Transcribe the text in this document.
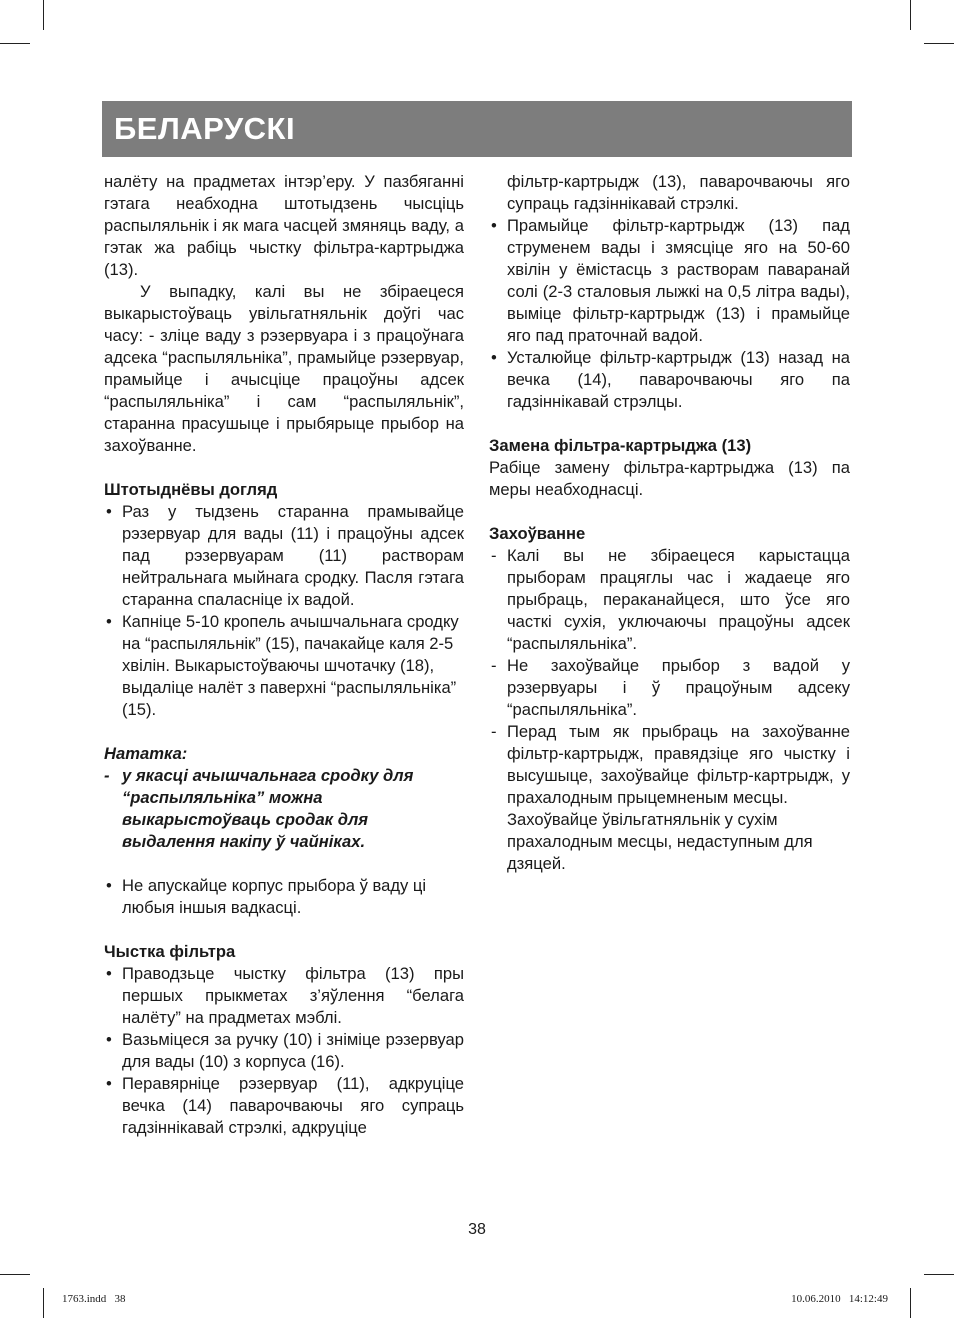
БЕЛАРУСКІ

налёту на прадметах інтэр’еру. У пазбяганні гэтага неабходна штотыдзень чысціць распыляльнік і як мага часцей змяняць ваду, а гэтак жа рабіць чыстку фільтра-картрыджа (13).

У выпадку, калі вы не збіраецеся выкарыстоўваць увільгатняльнік доўгі час часу: - зліце ваду з рэзервуара і з працоўнага адсека “распыляльніка”, прамыйце рэзервуар, прамыйце і ачысціце працоўны адсек “распыляльніка” і сам “распыляльнік”, старанна прасушыце і прыбярыце прыбор на захоўванне.

Штотыднёвы догляд

• Раз у тыдзень старанна прамывайце рэзервуар для вады (11) і працоўны адсек пад рэзервуарам (11) растворам нейтральнага мыйнага сродку. Пасля гэтага старанна спаласніце іх вадой.
• Капніце 5-10 кропель ачышчальнага сродку на “распыляльнік” (15), пачакайце каля 2-5 хвілін. Выкарыстоўваючы шчотачку (18), выдаліце налёт з паверхні “распыляльніка” (15).

Нататка:

- у якасці ачышчальнага сродку для “распыляльніка” можна выкарыстоўваць сродак для выдалення накіпу ў чайніках.
• Не апускайце корпус прыбора ў ваду ці любыя іншыя вадкасці.

Чыстка фільтра

• Праводзьце чыстку фільтра (13) пры першых прыкметах з’яўлення “белага налёту” на прадметах мэблі.
• Вазьміцеся за ручку (10) і зніміце рэзервуар для вады (10) з корпуса (16).
• Перавярніце рэзервуар (11), адкруціце вечка (14) паварочваючы яго супраць гадзіннікавай стрэлкі, адкруціце
фільтр-картрыдж (13), паварочваючы яго супраць гадзіннікавай стрэлкі.
• Прамыйце фільтр-картрыдж (13) пад струменем вады і змясціце яго на 50-60 хвілін у ёмістасць з растворам паваранай солі (2-3 сталовыя лыжкі на 0,5 літра вады), выміце фільтр-картрыдж (13) і прамыйце яго пад праточнай вадой.
• Усталюйце фільтр-картрыдж (13) назад на вечка (14), паварочваючы яго па гадзіннікавай стрэлцы.

Замена фільтра-картрыджа (13)

Рабіце замену фільтра-картрыджа (13) па меры неабходнасці.

Захоўванне

- Калі вы не збіраецеся карыстацца прыборам працяглы час і жадаеце яго прыбраць, пераканайцеся, што ўсе яго часткі сухія, уключаючы працоўны адсек “распыляльніка”.
- Не захоўвайце прыбор з вадой у рэзервуары і ў працоўным адсеку “распыляльніка”.
- Перад тым як прыбраць на захоўванне фільтр-картрыдж, правядзіце яго чыстку і высушыце, захоўвайце фільтр-картрыдж, у прахалодным прыцемненым месцы.
Захоўвайце ўвільгатняльнік у сухім прахалодным месцы, недаступным для дзяцей.
38
1763.indd   38	10.06.2010   14:12:49
